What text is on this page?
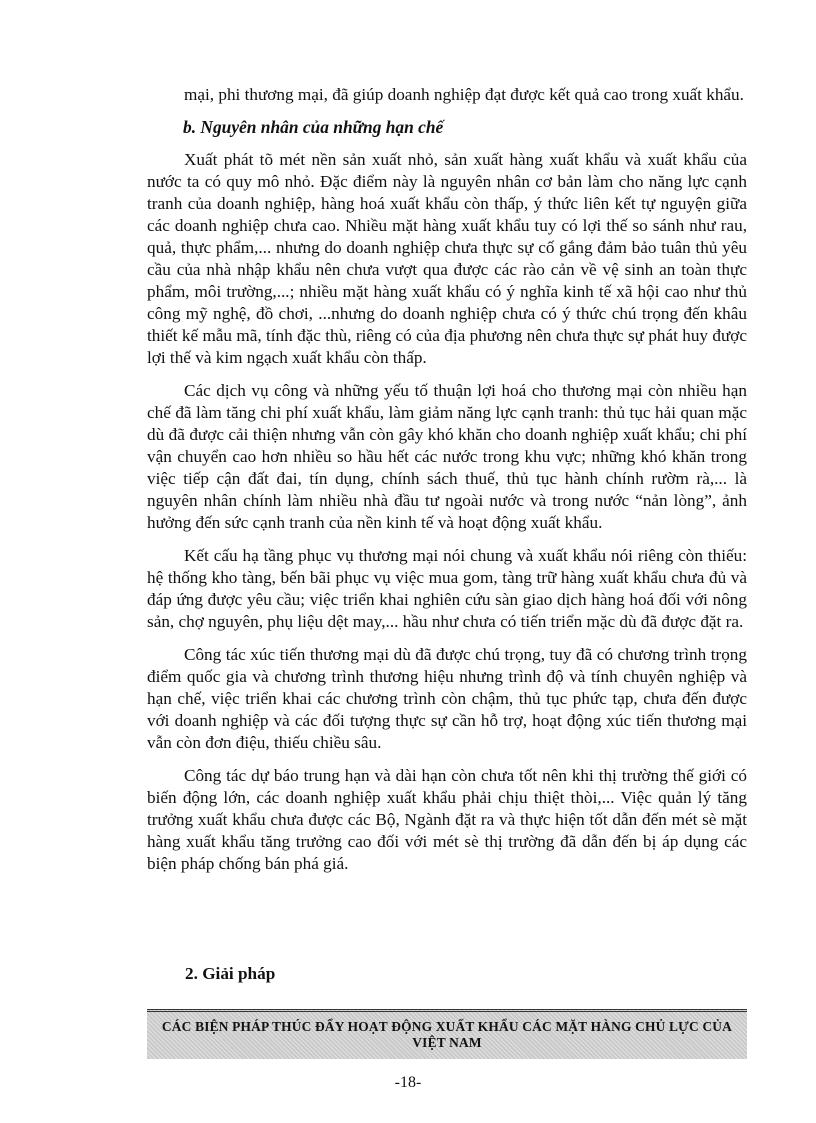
mại, phi thương mại, đã giúp doanh nghiệp đạt được kết quả cao trong xuất khẩu.

b. Nguyên nhân của những hạn chế

Xuất phát tõ mét nền sản xuất nhỏ, sản xuất hàng xuất khẩu và xuất khẩu của nước ta có quy mô nhỏ. Đặc điểm này là nguyên nhân cơ bản làm cho năng lực cạnh tranh của doanh nghiệp, hàng hoá xuất khẩu còn thấp, ý thức liên kết tự nguyện giữa các doanh nghiệp chưa cao. Nhiều mặt hàng xuất khẩu tuy có lợi thế so sánh như rau, quả, thực phẩm,... nhưng do doanh nghiệp chưa thực sự cố gắng đảm bảo tuân thủ yêu cầu của nhà nhập khẩu nên chưa vượt qua được các rào cản về vệ sinh an toàn thực phẩm, môi trường,...; nhiều mặt hàng xuất khẩu có ý nghĩa kinh tế xã hội cao như thủ công mỹ nghệ, đồ chơi, ...nhưng do doanh nghiệp chưa có ý thức chú trọng đến khâu thiết kế mẫu mã, tính đặc thù, riêng có của địa phương nên chưa thực sự phát huy được lợi thế và kim ngạch xuất khẩu còn thấp.

Các dịch vụ công và những yếu tố thuận lợi hoá cho thương mại còn nhiều hạn chế đã làm tăng chi phí xuất khẩu, làm giảm năng lực cạnh tranh: thủ tục hải quan mặc dù đã được cải thiện nhưng vẫn còn gây khó khăn cho doanh nghiệp xuất khẩu; chi phí vận chuyển cao hơn nhiều so hầu hết các nước trong khu vực; những khó khăn trong việc tiếp cận đất đai, tín dụng, chính sách thuế, thủ tục hành chính rườm rà,... là nguyên nhân chính làm nhiều nhà đầu tư ngoài nước và trong nước “nản lòng”, ảnh hưởng đến sức cạnh tranh của nền kinh tế và hoạt động xuất khẩu.

Kết cấu hạ tầng phục vụ thương mại nói chung và xuất khẩu nói riêng còn thiếu: hệ thống kho tàng, bến bãi phục vụ việc mua gom, tàng trữ hàng xuất khẩu chưa đủ và đáp ứng được yêu cầu; việc triển khai nghiên cứu sàn giao dịch hàng hoá đối với nông sản, chợ nguyên, phụ liệu dệt may,... hầu như chưa có tiến triển mặc dù đã được đặt ra.

Công tác xúc tiến thương mại dù đã được chú trọng, tuy đã có chương trình trọng điểm quốc gia và chương trình thương hiệu nhưng trình độ và tính chuyên nghiệp và hạn chế, việc triển khai các chương trình còn chậm, thủ tục phức tạp, chưa đến được với doanh nghiệp và các đối tượng thực sự cần hỗ trợ, hoạt động xúc tiến thương mại vẫn còn đơn điệu, thiếu chiều sâu.

Công tác dự báo trung hạn và dài hạn còn chưa tốt nên khi thị trường thế giới có biến động lớn, các doanh nghiệp xuất khẩu phải chịu thiệt thòi,... Việc quản lý tăng trưởng xuất khẩu chưa được các Bộ, Ngành đặt ra và thực hiện tốt dẫn đến mét sè mặt hàng xuất khẩu tăng trưởng cao đối với mét sè thị trường đã dẫn đến bị áp dụng các biện pháp chống bán phá giá.

2. Giải pháp
CÁC BIỆN PHÁP THÚC ĐẨY HOẠT ĐỘNG XUẤT KHẨU CÁC MẶT HÀNG CHỦ LỰC CỦA VIỆT NAM
-18-
